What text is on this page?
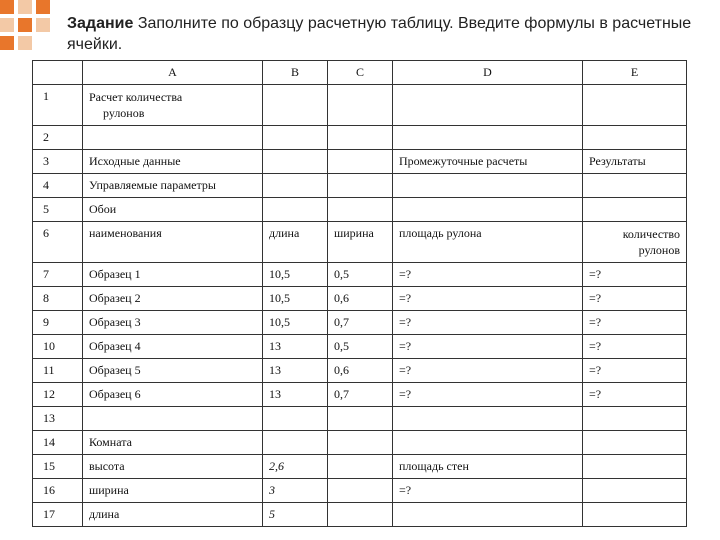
Задание Заполните по образцу расчетную таблицу. Введите формулы в расчетные ячейки.
	A	B	C	D	E
1	Расчет количества
рулонов				
2					
3	Исходные данные			Промежуточные расчеты	Результаты
4	Управляемые параметры				
5	Обои				
6	наименования	длина	ширина	площадь рулона	количество
рулонов

7	Образец 1	10,5	0,5	=?	=?
8	Образец 2	10,5	0,6	=?	=?
9	Образец 3	10,5	0,7	=?	=?
10	Образец 4	13	0,5	=?	=?
11	Образец 5	13	0,6	=?	=?
12	Образец 6	13	0,7	=?	=?
13					
14	Комната				
15	высота	2,6		площадь стен	
16	ширина	3		=?	
17	длина	5			
